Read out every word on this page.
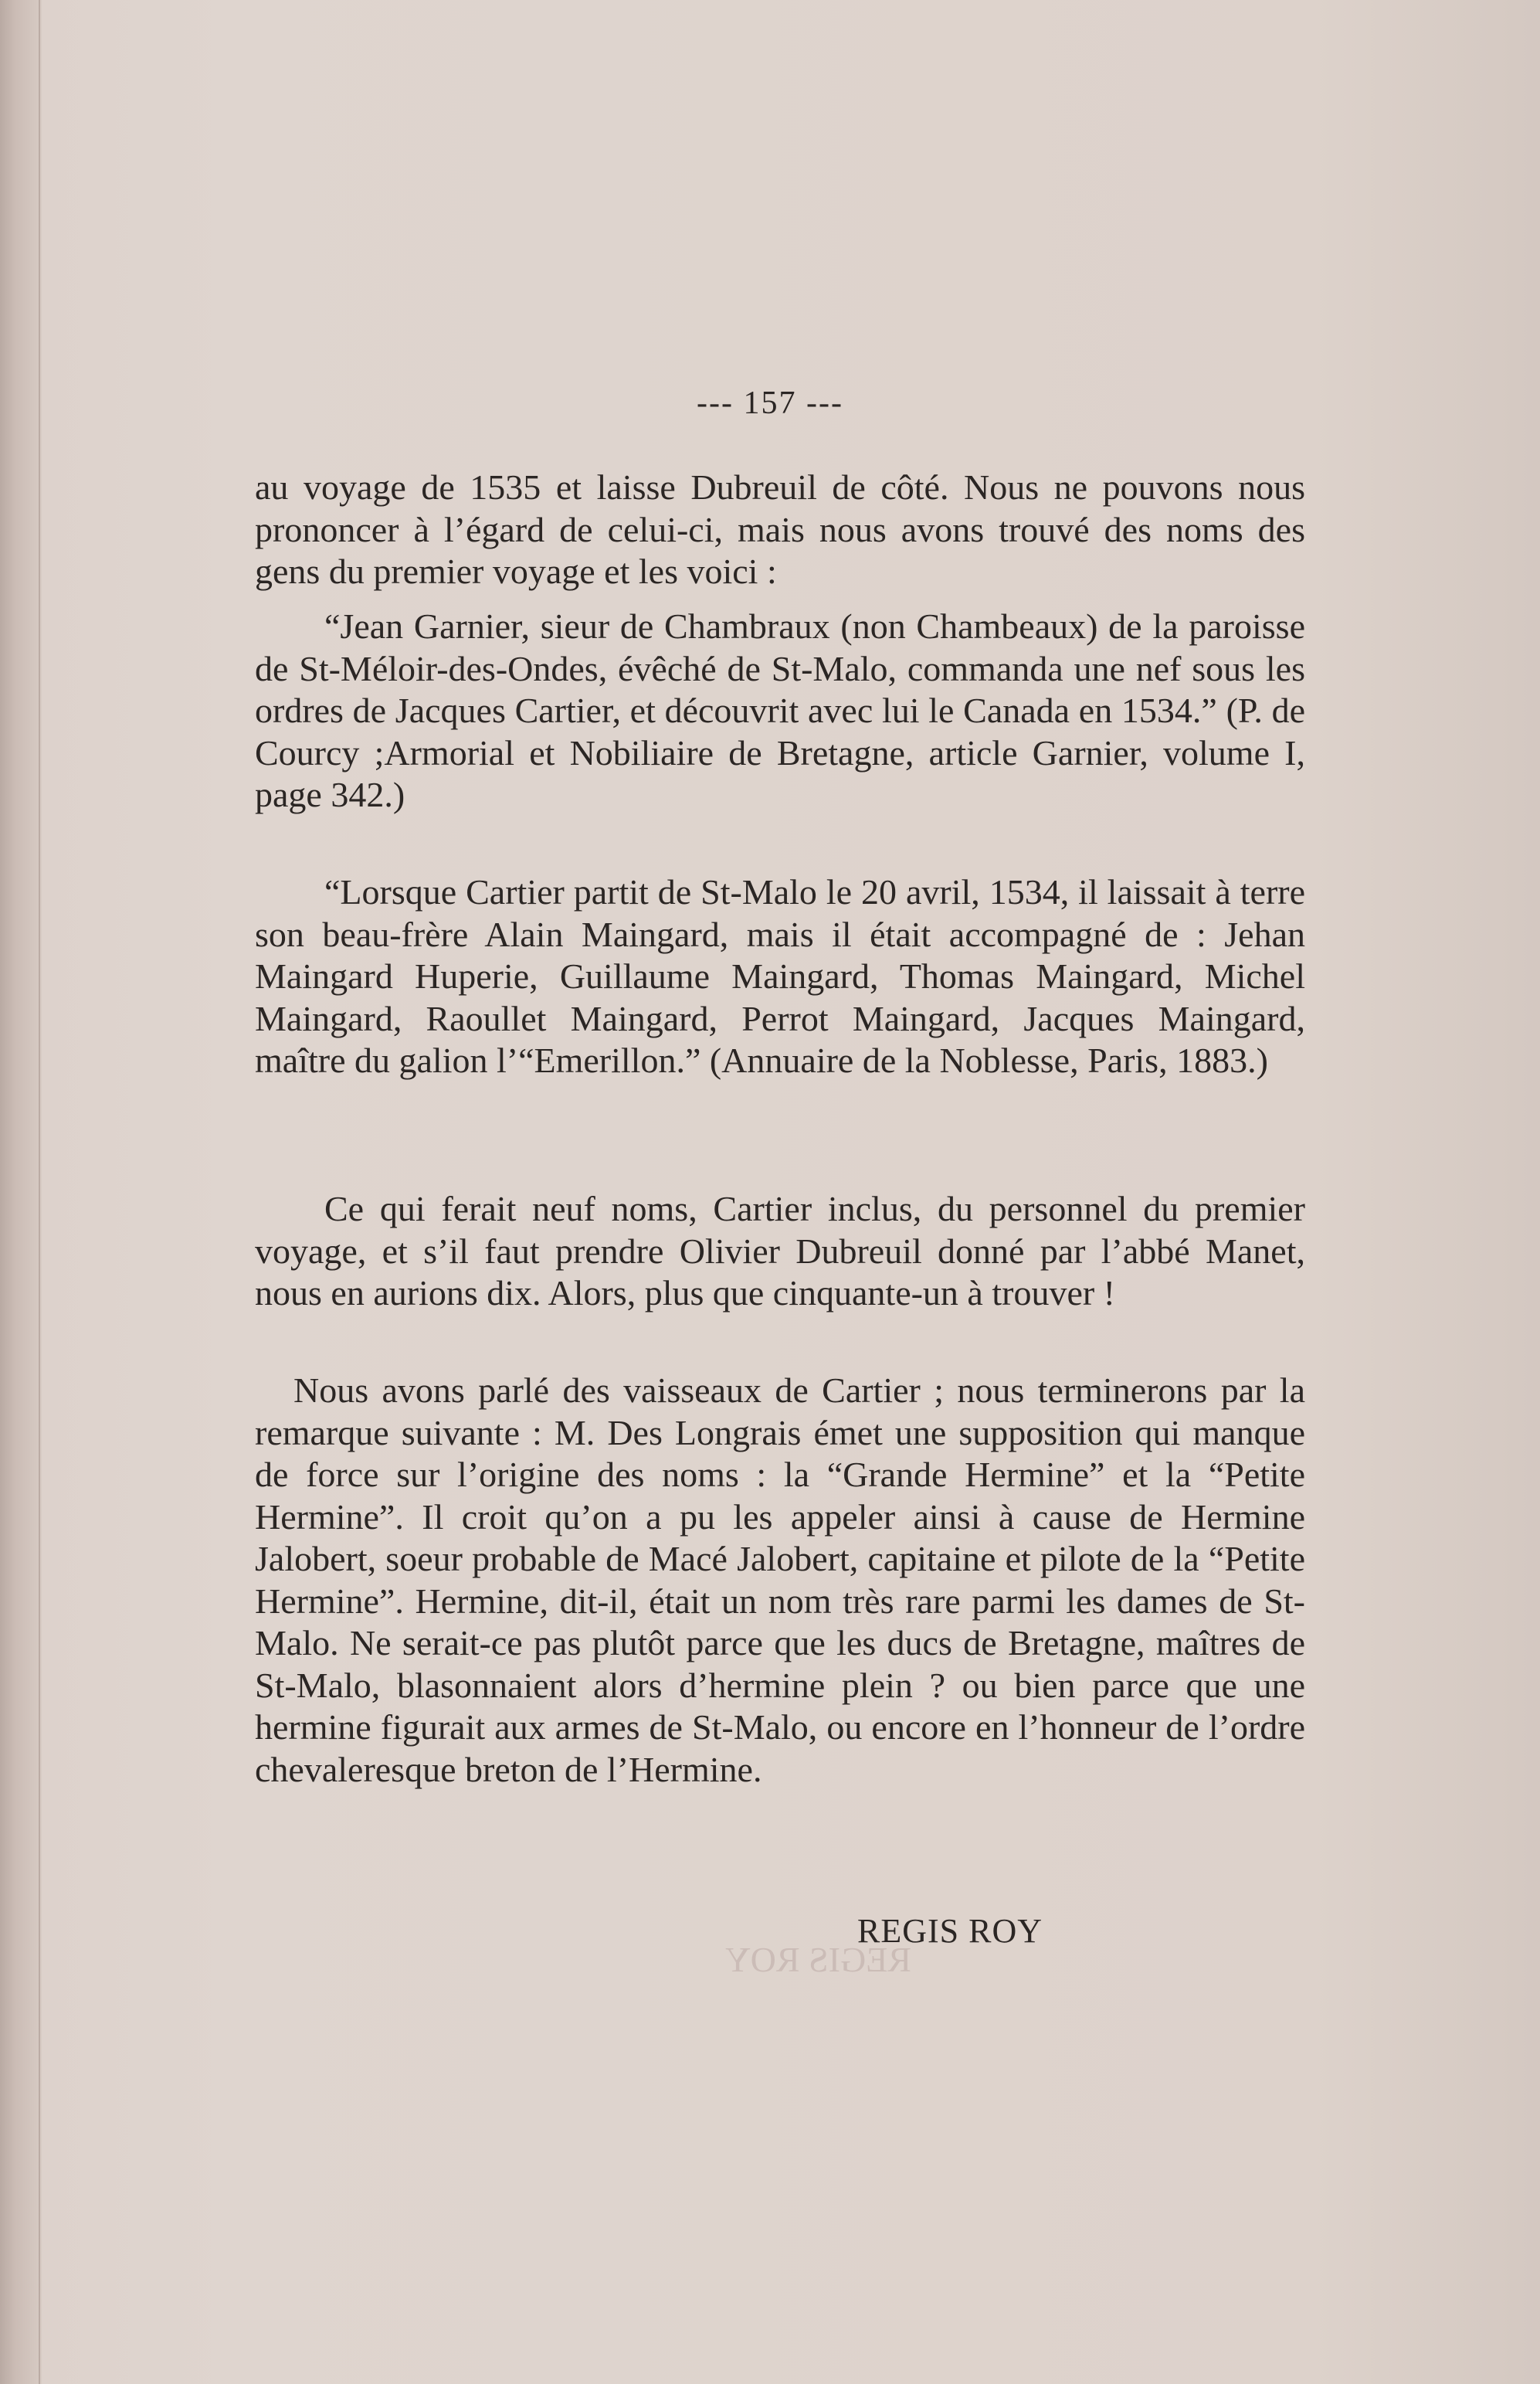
REGIS ROY
--- 157 ---

au voyage de 1535 et laisse Dubreuil de côté. Nous ne pouvons nous prononcer à l’égard de celui-ci, mais nous avons trouvé des noms des gens du premier voyage et les voici :

“Jean Garnier, sieur de Chambraux (non Chambeaux) de la paroisse de St-Méloir-des-Ondes, évêché de St-Malo, commanda une nef sous les ordres de Jacques Cartier, et découvrit avec lui le Canada en 1534.” (P. de Courcy ;Armorial et Nobiliaire de Bretagne, article Garnier, volume I, page 342.)

“Lorsque Cartier partit de St-Malo le 20 avril, 1534, il laissait à terre son beau-frère Alain Maingard, mais il était accompagné de : Jehan Maingard Huperie, Guillaume Maingard, Thomas Maingard, Michel Maingard, Raoullet Maingard, Perrot Maingard, Jacques Maingard, maître du galion l’“Emerillon.” (Annuaire de la Noblesse, Paris, 1883.)

Ce qui ferait neuf noms, Cartier inclus, du personnel du premier voyage, et s’il faut prendre Olivier Dubreuil donné par l’abbé Manet, nous en aurions dix. Alors, plus que cinquante-un à trouver !

Nous avons parlé des vaisseaux de Cartier ; nous terminerons par la remarque suivante : M. Des Longrais émet une supposition qui manque de force sur l’origine des noms : la “Grande Hermine” et la “Petite Hermine”. Il croit qu’on a pu les appeler ainsi à cause de Hermine Jalobert, soeur probable de Macé Jalobert, capitaine et pilote de la “Petite Hermine”. Hermine, dit-il, était un nom très rare parmi les dames de St-Malo. Ne serait-ce pas plutôt parce que les ducs de Bretagne, maîtres de St-Malo, blasonnaient alors d’hermine plein ? ou bien parce que une hermine figurait aux armes de St-Malo, ou encore en l’honneur de l’ordre chevaleresque breton de l’Hermine.

REGIS ROY
